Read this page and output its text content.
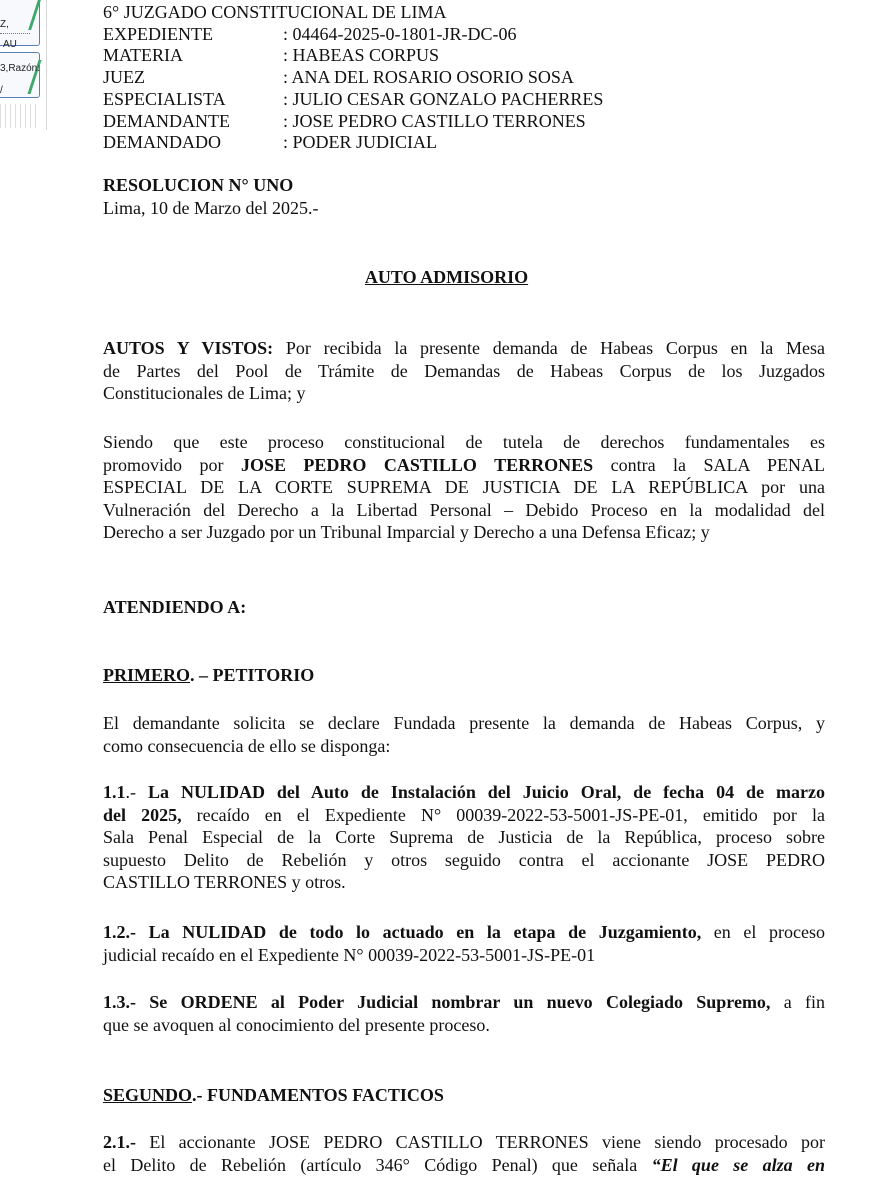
Z,
AU
3,Razón:
/
6° JUZGADO CONSTITUCIONAL DE LIMA
EXPEDIENTE	: 04464-2025-0-1801-JR-DC-06
MATERIA	: HABEAS CORPUS
JUEZ	: ANA DEL ROSARIO OSORIO SOSA
ESPECIALISTA	: JULIO CESAR GONZALO PACHERRES
DEMANDANTE	: JOSE PEDRO CASTILLO TERRONES
DEMANDADO	: PODER JUDICIAL
RESOLUCION N° UNO
Lima, 10 de Marzo del 2025.-
AUTO ADMISORIO
AUTOS Y VISTOS: Por recibida la presente demanda de Habeas Corpus en la Mesa
de Partes del Pool de Trámite de Demandas de Habeas Corpus de los Juzgados
Constitucionales de Lima; y
Siendo que este proceso constitucional de tutela de derechos fundamentales es
promovido por JOSE PEDRO CASTILLO TERRONES contra la SALA PENAL
ESPECIAL DE LA CORTE SUPREMA DE JUSTICIA DE LA REPÚBLICA por una
Vulneración del Derecho a la Libertad Personal – Debido Proceso en la modalidad del
Derecho a ser Juzgado por un Tribunal Imparcial y Derecho a una Defensa Eficaz; y
ATENDIENDO A:
PRIMERO. – PETITORIO
El demandante solicita se declare Fundada presente la demanda de Habeas Corpus, y
como consecuencia de ello se disponga:
1.1.- La NULIDAD del Auto de Instalación del Juicio Oral, de fecha 04 de marzo
del 2025, recaído en el Expediente N° 00039-2022-53-5001-JS-PE-01, emitido por la
Sala Penal Especial de la Corte Suprema de Justicia de la República, proceso sobre
supuesto Delito de Rebelión y otros seguido contra el accionante JOSE PEDRO
CASTILLO TERRONES y otros.
1.2.- La NULIDAD de todo lo actuado en la etapa de Juzgamiento, en el proceso
judicial recaído en el Expediente N° 00039-2022-53-5001-JS-PE-01
1.3.- Se ORDENE al Poder Judicial nombrar un nuevo Colegiado Supremo, a fin
que se avoquen al conocimiento del presente proceso.
SEGUNDO.- FUNDAMENTOS FACTICOS
2.1.- El accionante JOSE PEDRO CASTILLO TERRONES viene siendo procesado por
el Delito de Rebelión (artículo 346° Código Penal) que señala “El que se alza en
